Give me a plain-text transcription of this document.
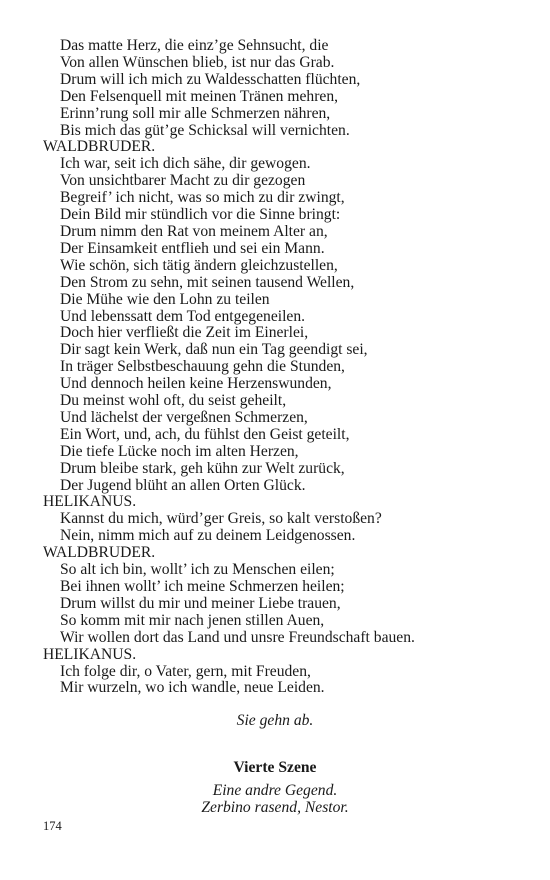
Das matte Herz, die einz’ge Sehnsucht, die
Von allen Wünschen blieb, ist nur das Grab.
Drum will ich mich zu Waldesschatten flüchten,
Den Felsenquell mit meinen Tränen mehren,
Erinn’rung soll mir alle Schmerzen nähren,
Bis mich das güt’ge Schicksal will vernichten.
WALDBRUDER.
Ich war, seit ich dich sähe, dir gewogen.
Von unsichtbarer Macht zu dir gezogen
Begreif’ ich nicht, was so mich zu dir zwingt,
Dein Bild mir stündlich vor die Sinne bringt:
Drum nimm den Rat von meinem Alter an,
Der Einsamkeit entflieh und sei ein Mann.
Wie schön, sich tätig ändern gleichzustellen,
Den Strom zu sehn, mit seinen tausend Wellen,
Die Mühe wie den Lohn zu teilen
Und lebenssatt dem Tod entgegeneilen.
Doch hier verfließt die Zeit im Einerlei,
Dir sagt kein Werk, daß nun ein Tag geendigt sei,
In träger Selbstbeschauung gehn die Stunden,
Und dennoch heilen keine Herzenswunden,
Du meinst wohl oft, du seist geheilt,
Und lächelst der vergeßnen Schmerzen,
Ein Wort, und, ach, du fühlst den Geist geteilt,
Die tiefe Lücke noch im alten Herzen,
Drum bleibe stark, geh kühn zur Welt zurück,
Der Jugend blüht an allen Orten Glück.
HELIKANUS.
Kannst du mich, würd’ger Greis, so kalt verstoßen?
Nein, nimm mich auf zu deinem Leidgenossen.
WALDBRUDER.
So alt ich bin, wollt’ ich zu Menschen eilen;
Bei ihnen wollt’ ich meine Schmerzen heilen;
Drum willst du mir und meiner Liebe trauen,
So komm mit mir nach jenen stillen Auen,
Wir wollen dort das Land und unsre Freundschaft bauen.
HELIKANUS.
Ich folge dir, o Vater, gern, mit Freuden,
Mir wurzeln, wo ich wandle, neue Leiden.
Sie gehn ab.
Vierte Szene
Eine andre Gegend.
Zerbino rasend, Nestor.
174
